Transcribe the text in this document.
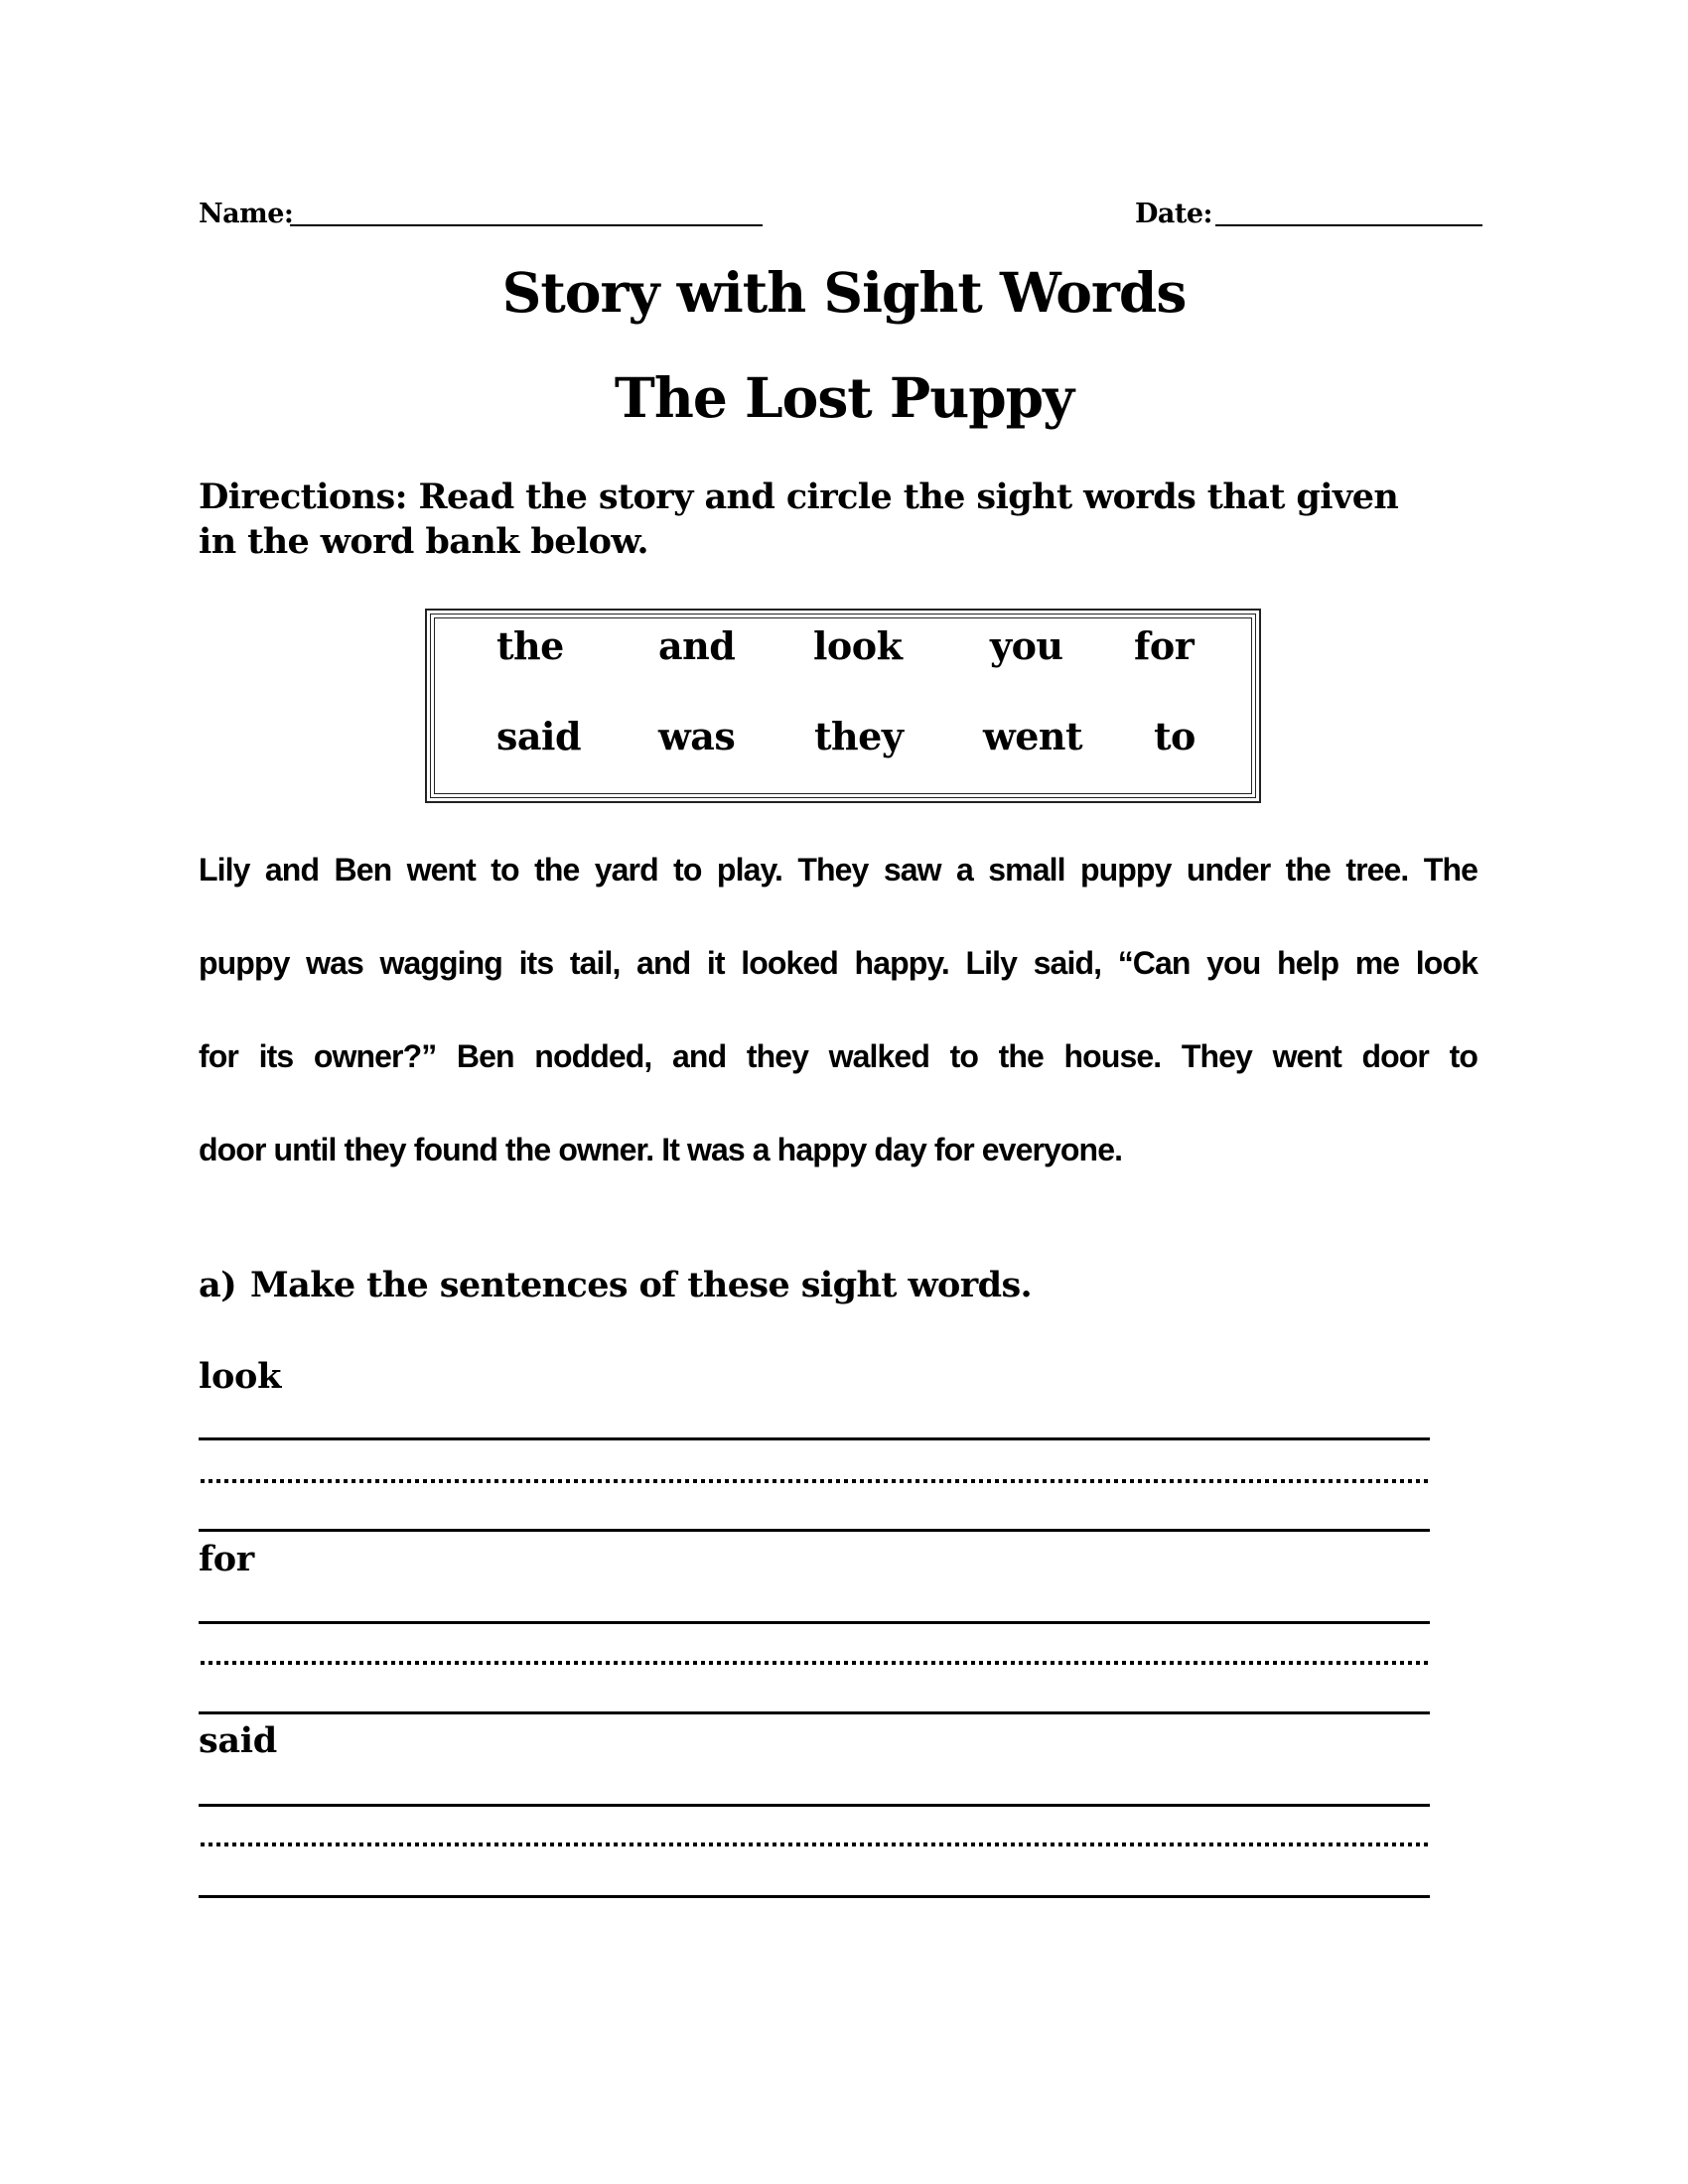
Name:	Date:
Story with Sight Words
The Lost Puppy
Directions: Read the story and circle the sight words that given in the word bank below.
the	and look you for
said was they went to
Lily and Ben went to the yard to play. They saw a small puppy under the tree. The
puppy was wagging its tail, and it looked happy. Lily said, “Can you help me look
for its owner?” Ben nodded, and they walked to the house. They went door to
door until they found the owner. It was a happy day for everyone.
a) Make the sentences of these sight words.
look
for
said
